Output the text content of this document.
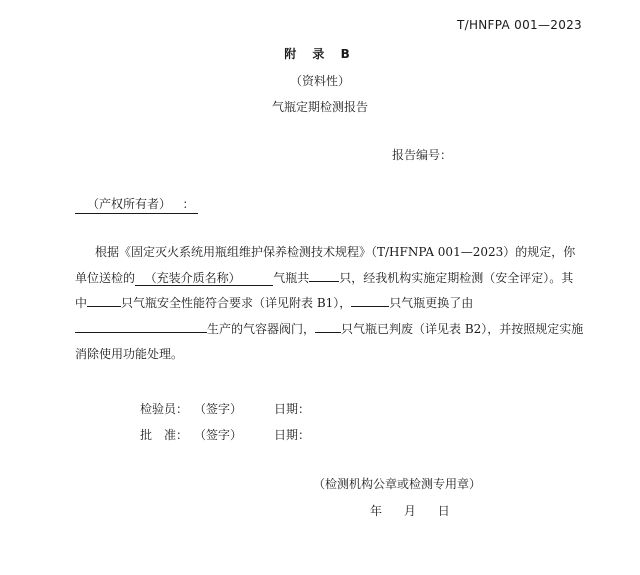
T/HNFPA 001—2023
附 录 B
（资料性）
气瓶定期检测报告
报告编号：
（产权所有者） ：
根据《固定灭火系统用瓶组维护保养检测技术规程》（T/HFNPA 001—2023）的规定，你单位送检的 （充装介质名称）	气瓶共	只，经我机构实施定期检测（安全评定）。其中	只气瓶安全性能符合要求（详见附表 B1），	只气瓶更换了由生产的气容器阀门， 只气瓶已判废（详见表 B2），并按照规定实施消除使用功能处理。
检验员： （签字）	日期：
批　准： （签字）	日期：
（检测机构公章或检测专用章）
年 月 日
